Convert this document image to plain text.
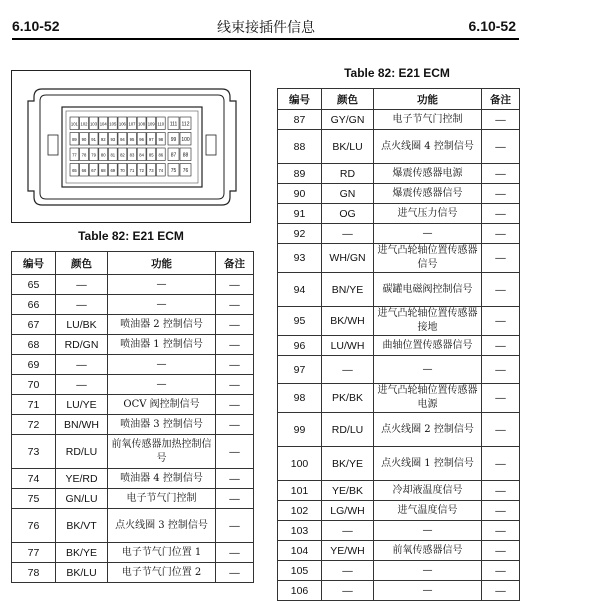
6.10-52	线束接插件信息	6.10-52
101 102 103 104 105 106 107 108 109 110 111 112
89 90 91 92 93 94 95 96 97 98 99 100
77 78 79 80 81 82 83 84 85 86 87 88
65 66 67 68 69 70 71 72 73 74 75 76
Table 82: E21 ECM
编号	颜色	功能	备注
65	—	—	—
66	—	—	—
67	LU/BK	喷油器 2 控制信号	—
68	RD/GN	喷油器 1 控制信号	—
69	—	—	—
70	—	—	—
71	LU/YE	OCV 阀控制信号	—
72	BN/WH	喷油器 3 控制信号	—
73	RD/LU	前氧传感器加热控制信号	—
74	YE/RD	喷油器 4 控制信号	—
75	GN/LU	电子节气门控制	—
76	BK/VT	点火线圈 3 控制信号	—
77	BK/YE	电子节气门位置 1	—
78	BK/LU	电子节气门位置 2	—
Table 82: E21 ECM
编号	颜色	功能	备注
87	GY/GN	电子节气门控制	—
88	BK/LU	点火线圈 4 控制信号	—
89	RD	爆震传感器电源	—
90	GN	爆震传感器信号	—
91	OG	进气压力信号	—
92	—	—	—
93	WH/GN	进气凸轮轴位置传感器信号	—
94	BN/YE	碳罐电磁阀控制信号	—
95	BK/WH	进气凸轮轴位置传感器接地	—
96	LU/WH	曲轴位置传感器信号	—
97	—	—	—
98	PK/BK	进气凸轮轴位置传感器电源	—
99	RD/LU	点火线圈 2 控制信号	—
100	BK/YE	点火线圈 1 控制信号	—
101	YE/BK	冷却液温度信号	—
102	LG/WH	进气温度信号	—
103	—	—	—
104	YE/WH	前氧传感器信号	—
105	—	—	—
106	—	—	—
